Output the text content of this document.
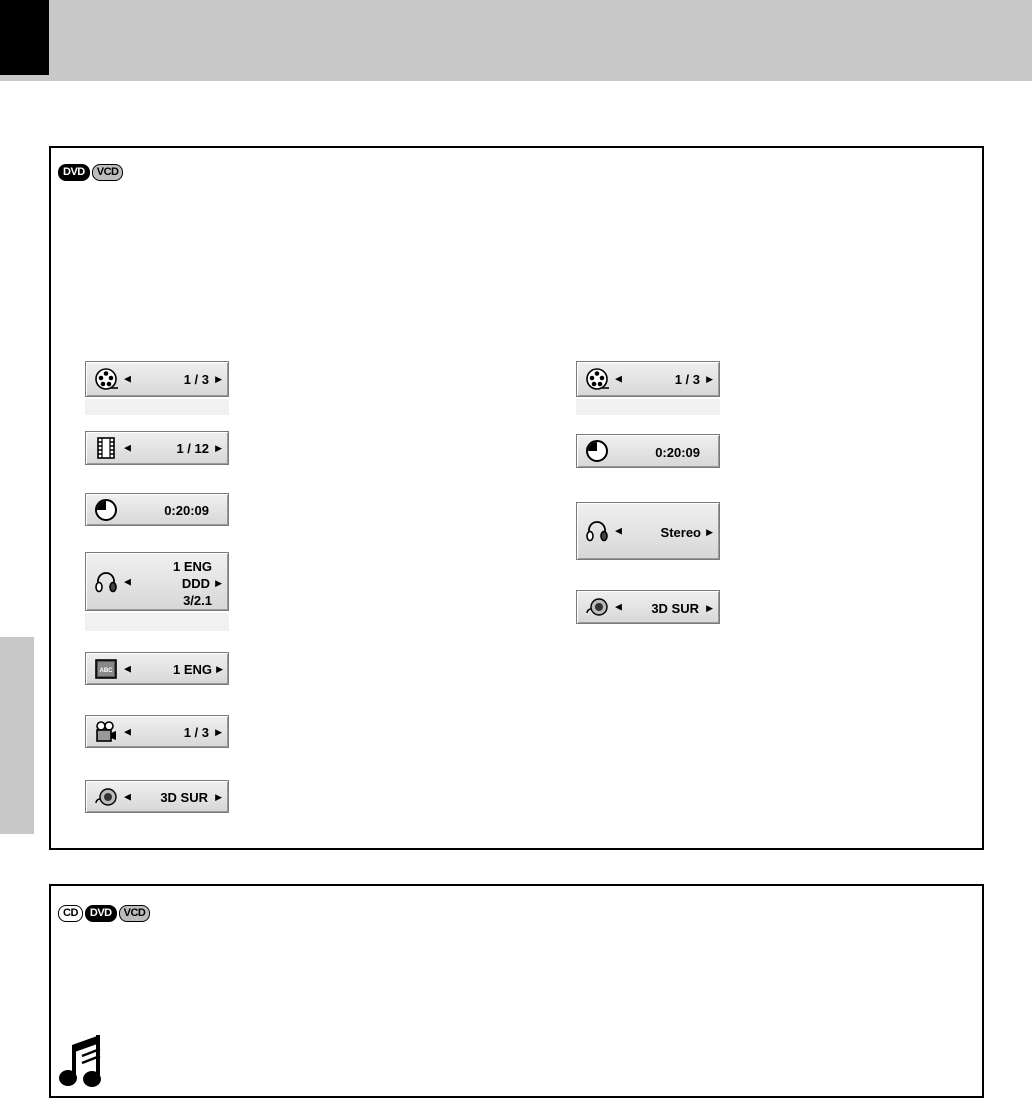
DVD	VCD
◀	1 / 3 ▶
◀	1 / 12 ▶
0:20:09
◀
1 ENG
DDD ▶
3/2.1
ABC ◀	1 ENG ▶
◀	1 / 3 ▶
◀ 3D SUR ▶
◀	1 / 3 ▶
0:20:09
◀	Stereo ▶
◀ 3D SUR ▶
CD	DVD	VCD
